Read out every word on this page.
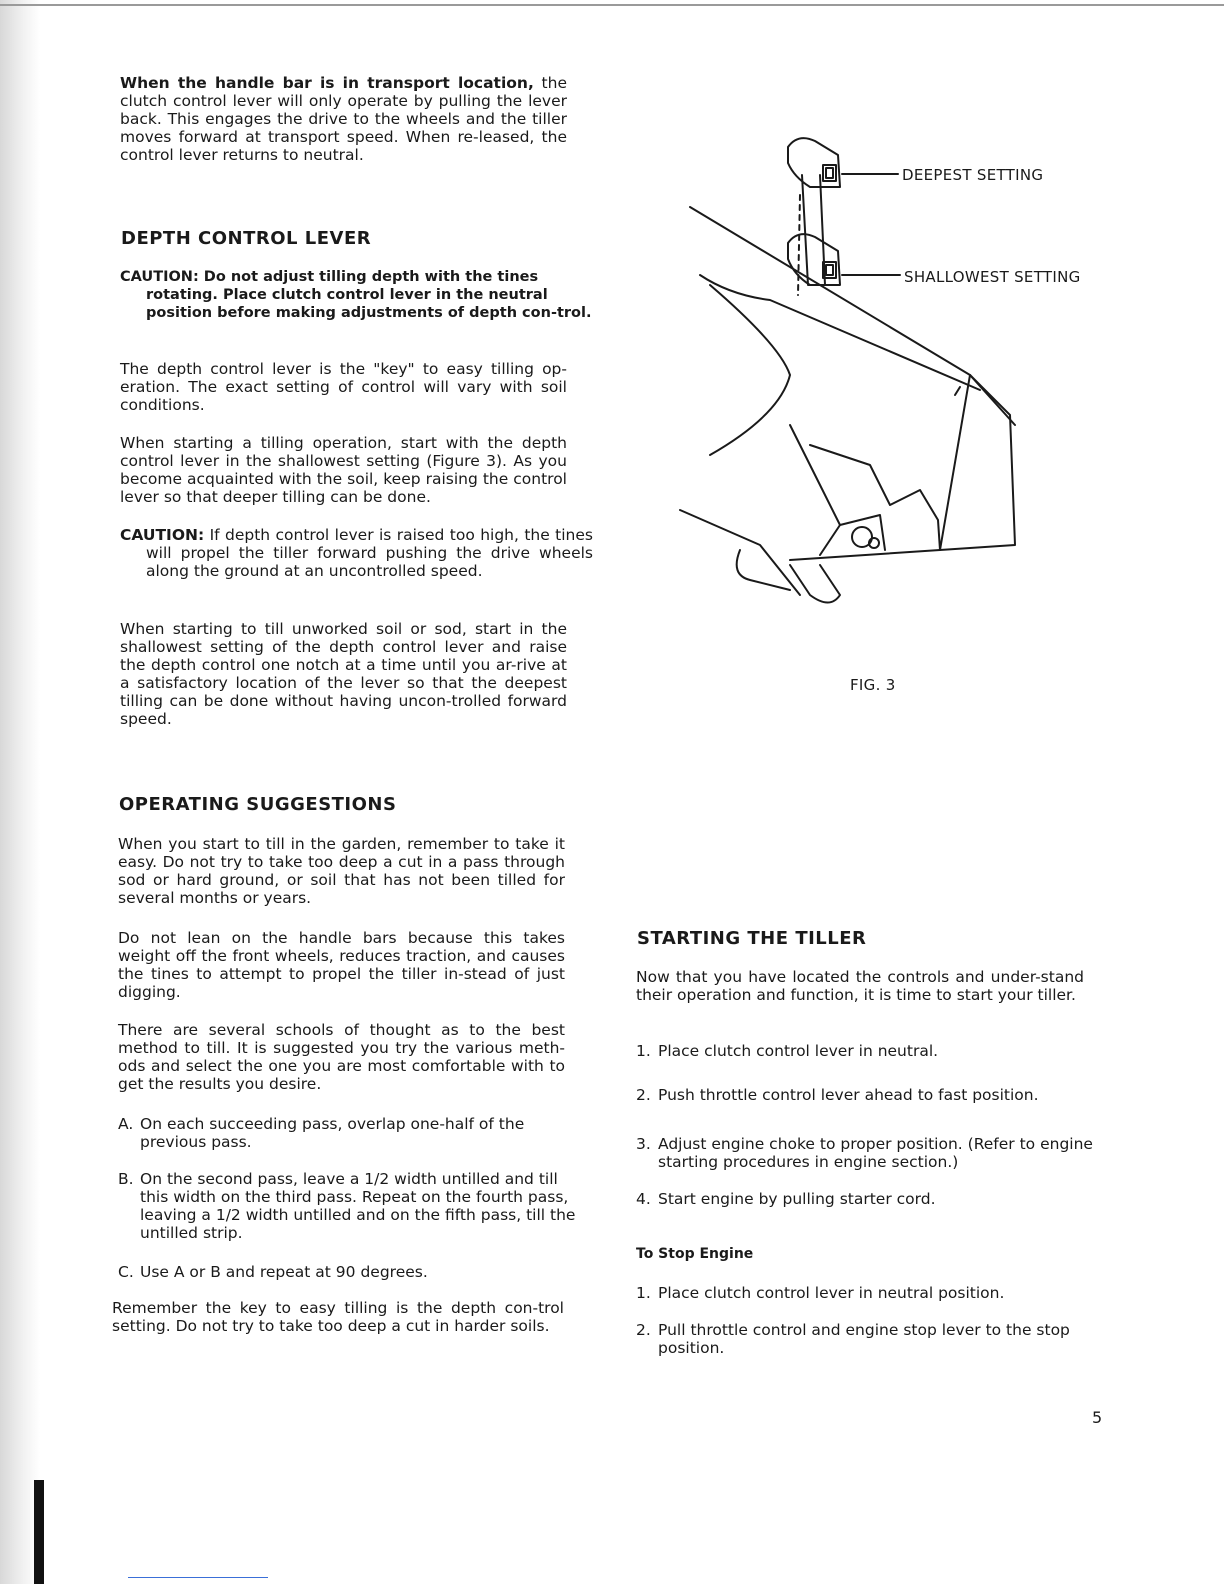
When the handle bar is in transport location, the clutch control lever will only operate by pulling the lever back. This engages the drive to the wheels and the tiller moves forward at transport speed. When re-leased, the control lever returns to neutral.

DEPTH CONTROL LEVER

CAUTION: Do not adjust tilling depth with the tines rotating. Place clutch control lever in the neutral position before making adjustments of depth con-trol.

The depth control lever is the "key" to easy tilling op-eration. The exact setting of control will vary with soil conditions.

When starting a tilling operation, start with the depth control lever in the shallowest setting (Figure 3). As you become acquainted with the soil, keep raising the control lever so that deeper tilling can be done.

CAUTION: If depth control lever is raised too high, the tines will propel the tiller forward pushing the drive wheels along the ground at an uncontrolled speed.

When starting to till unworked soil or sod, start in the shallowest setting of the depth control lever and raise the depth control one notch at a time until you ar-rive at a satisfactory location of the lever so that the deepest tilling can be done without having uncon-trolled forward speed.

DEEPEST SETTING
SHALLOWEST SETTING
FIG. 3
OPERATING SUGGESTIONS

When you start to till in the garden, remember to take it easy. Do not try to take too deep a cut in a pass through sod or hard ground, or soil that has not been tilled for several months or years.

Do not lean on the handle bars because this takes weight off the front wheels, reduces traction, and causes the tines to attempt to propel the tiller in-stead of just digging.

There are several schools of thought as to the best method to till. It is suggested you try the various meth-ods and select the one you are most comfortable with to get the results you desire.

A. On each succeeding pass, overlap one-half of the previous pass.

B. On the second pass, leave a 1/2 width untilled and till this width on the third pass. Repeat on the fourth pass, leaving a 1/2 width untilled and on the fifth pass, till the untilled strip.

C. Use A or B and repeat at 90 degrees.

Remember the key to easy tilling is the depth con-trol setting. Do not try to take too deep a cut in harder soils.

STARTING THE TILLER

Now that you have located the controls and under-stand their operation and function, it is time to start your tiller.

1. Place clutch control lever in neutral.

2. Push throttle control lever ahead to fast position.

3. Adjust engine choke to proper position. (Refer to engine starting procedures in engine section.)

4. Start engine by pulling starter cord.

To Stop Engine

1. Place clutch control lever in neutral position.

2. Pull throttle control and engine stop lever to the stop position.

5
